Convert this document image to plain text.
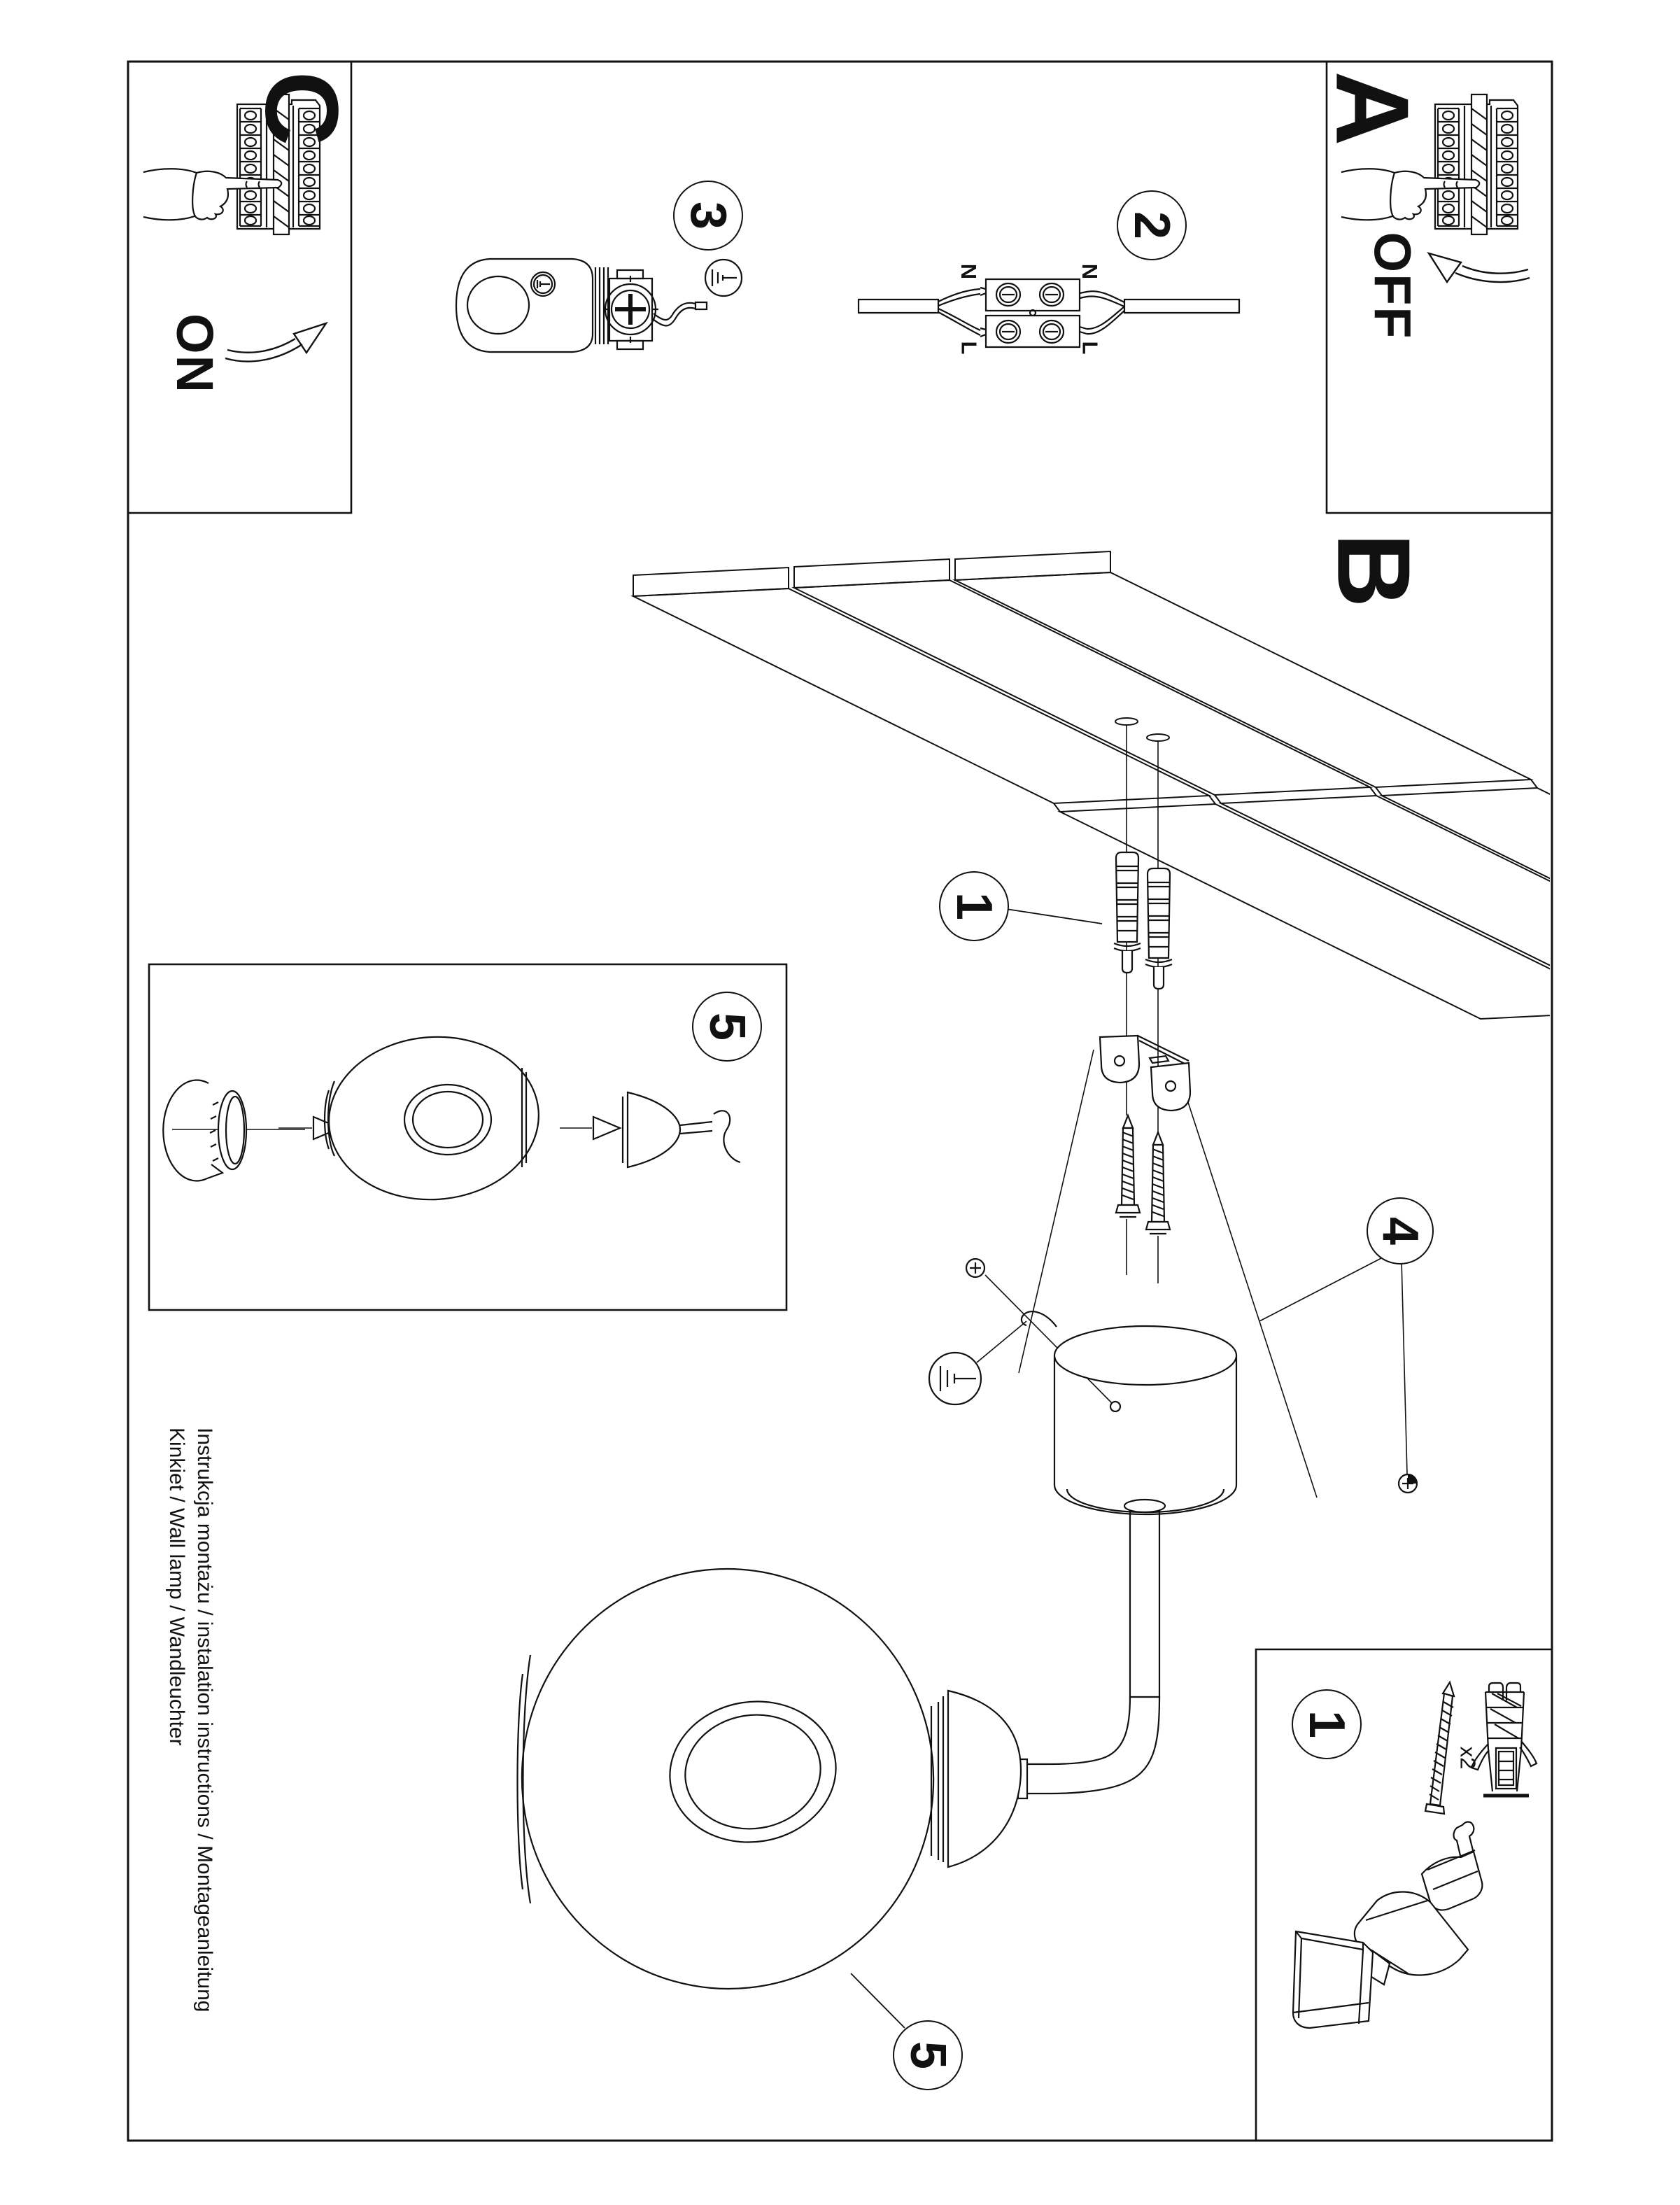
C	A
B
ON
OFF
N	N
L	L
x2
3	2
1
4
5
1
5
Instrukcja montażu / instalation instructions / Montageanleitung
Kinkiet / Wall lamp / Wandleuchter
